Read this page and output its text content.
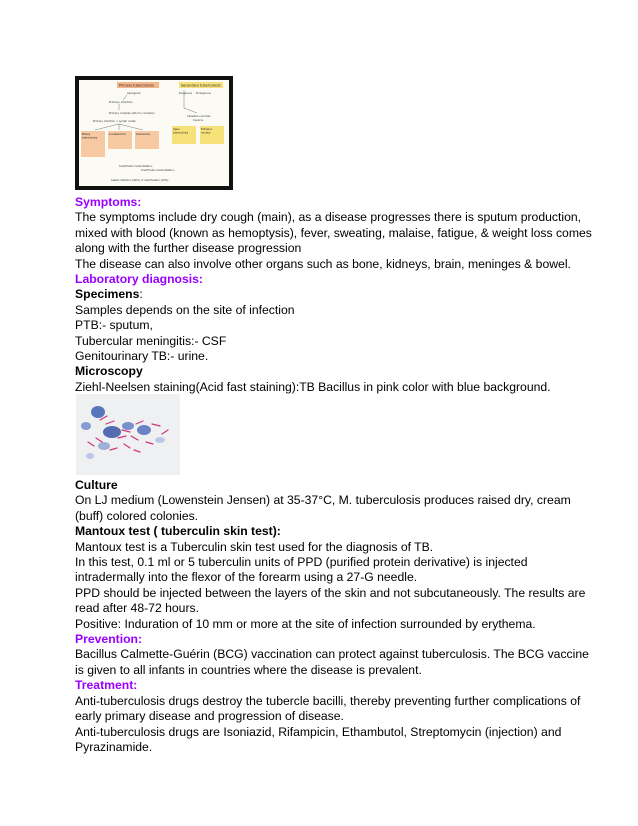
Primary tuberculosis	Secondary tuberculosis
Aerogenic
Primary infection
Primary complex (Ghon's complex)
Primary infection + lymph nodes
Miliary
tuberculosis
Localized foci	Granuloma
Scarification Sclerotization
Scarification Sclerotization
Latent infection (90%) or reactivation (10%)
Exogenous	Endogenous
Caseation necrosis
Caverns
Open
tuberculosis
Extrapul-
monary
Symptoms:
The symptoms include dry cough (main), as a disease progresses there is sputum production,
mixed with blood (known as hemoptysis), fever, sweating, malaise, fatigue, & weight loss comes
along with the further disease progression
The disease can also involve other organs such as bone, kidneys, brain, meninges & bowel.
Laboratory diagnosis:
Specimens:
Samples depends on the site of infection
PTB:- sputum,
Tubercular meningitis:- CSF
Genitourinary TB:- urine.
Microscopy
Ziehl-Neelsen staining(Acid fast staining):TB Bacillus in pink color with blue background.
Culture
On LJ medium (Lowenstein Jensen) at 35-37°C, M. tuberculosis produces raised dry, cream
(buff) colored colonies.
Mantoux test ( tuberculin skin test):
Mantoux test is a Tuberculin skin test used for the diagnosis of TB.
In this test, 0.1 ml or 5 tuberculin units of PPD (purified protein derivative) is injected
intradermally into the flexor of the forearm using a 27-G needle.
PPD should be injected between the layers of the skin and not subcutaneously. The results are
read after 48-72 hours.
Positive: Induration of 10 mm or more at the site of infection surrounded by erythema.
Prevention:
Bacillus Calmette-Guérin (BCG) vaccination can protect against tuberculosis. The BCG vaccine
is given to all infants in countries where the disease is prevalent.
Treatment:
Anti-tuberculosis drugs destroy the tubercle bacilli, thereby preventing further complications of
early primary disease and progression of disease.
Anti-tuberculosis drugs are Isoniazid, Rifampicin, Ethambutol, Streptomycin (injection) and
Pyrazinamide.
